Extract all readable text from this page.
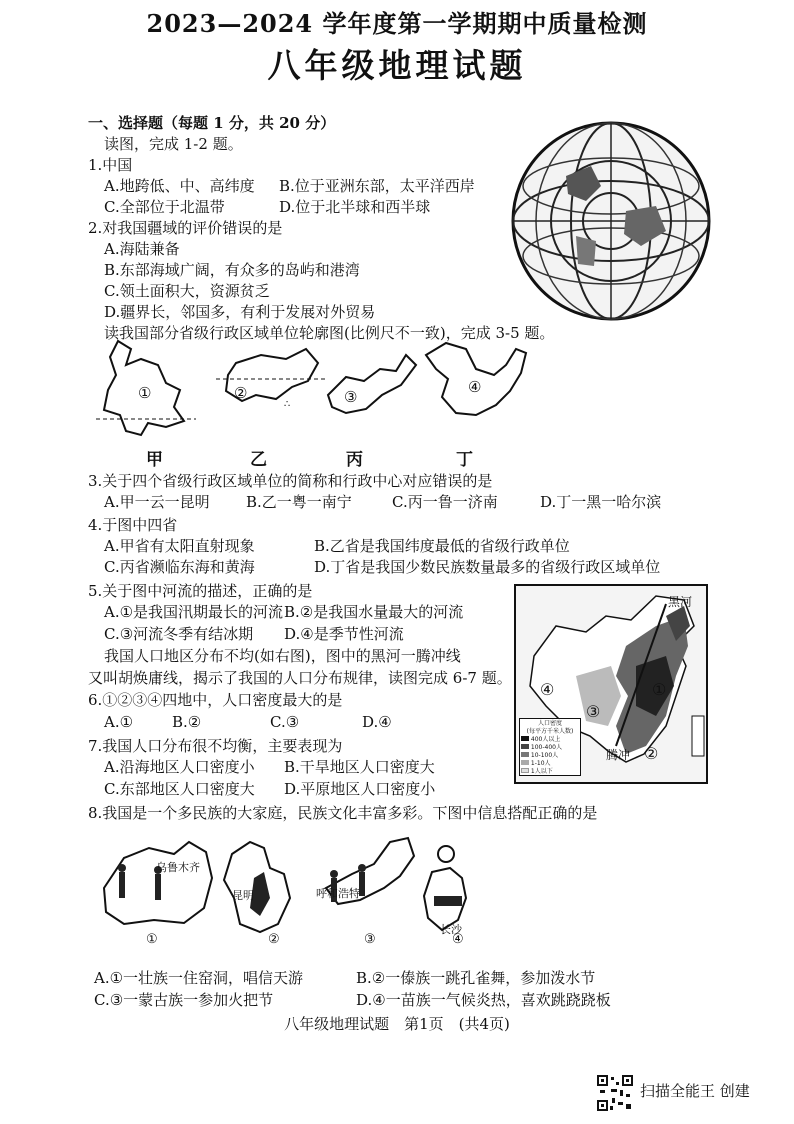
2023—2024 学年度第一学期期中质量检测
八年级地理试题
一、选择题（每题 1 分，共 20 分）
读图，完成 1-2 题。
1.中国
A.地跨低、中、高纬度 B.位于亚洲东部，太平洋西岸
C.全部位于北温带	D.位于北半球和西半球
2.对我国疆域的评价错误的是
A.海陆兼备
B.东部海域广阔，有众多的岛屿和港湾
C.领土面积大，资源贫乏
D.疆界长，邻国多，有利于发展对外贸易
读我国部分省级行政区域单位轮廓图(比例尺不一致)，完成 3-5 题。
∴
①	②	③
④
甲	乙	丙	丁
3.关于四个省级行政区域单位的简称和行政中心对应错误的是
A.甲一云一昆明 B.乙一粤一南宁	C.丙一鲁一济南	D.丁一黑一哈尔滨
4.于图中四省
A.甲省有太阳直射现象	B.乙省是我国纬度最低的省级行政单位
C.丙省濒临东海和黄海	D.丁省是我国少数民族数量最多的省级行政区域单位
5.关于图中河流的描述，正确的是
A.①是我国汛期最长的河流 B.②是我国水量最大的河流
C.③河流冬季有结冰期 D.④是季节性河流
黑河
腾冲
①
②
③
④
人口密度
(每平方千米人数)
400人以上
100-400人
10-100人
1-10人
1人以下
我国人口地区分布不均(如右图)，图中的黑河一腾冲线
又叫胡焕庸线，揭示了我国的人口分布规律，读图完成 6-7 题。
6.①②③④四地中，人口密度最大的是
A.①	B.②	C.③	D.④
7.我国人口分布很不均衡，主要表现为
A.沿海地区人口密度小 B.干旱地区人口密度大
C.东部地区人口密度大 D.平原地区人口密度小
8.我国是一个多民族的大家庭，民族文化丰富多彩。下图中信息搭配正确的是
乌鲁木齐
昆明	呼和浩特
长沙
①	②	③	④
A.①一壮族一住窑洞，唱信天游	B.②一傣族一跳孔雀舞，参加泼水节
C.③一蒙古族一参加火把节	D.④一苗族一气候炎热，喜欢跳跷跷板
八年级地理试题　第1页　(共4页)
扫描全能王 创建
